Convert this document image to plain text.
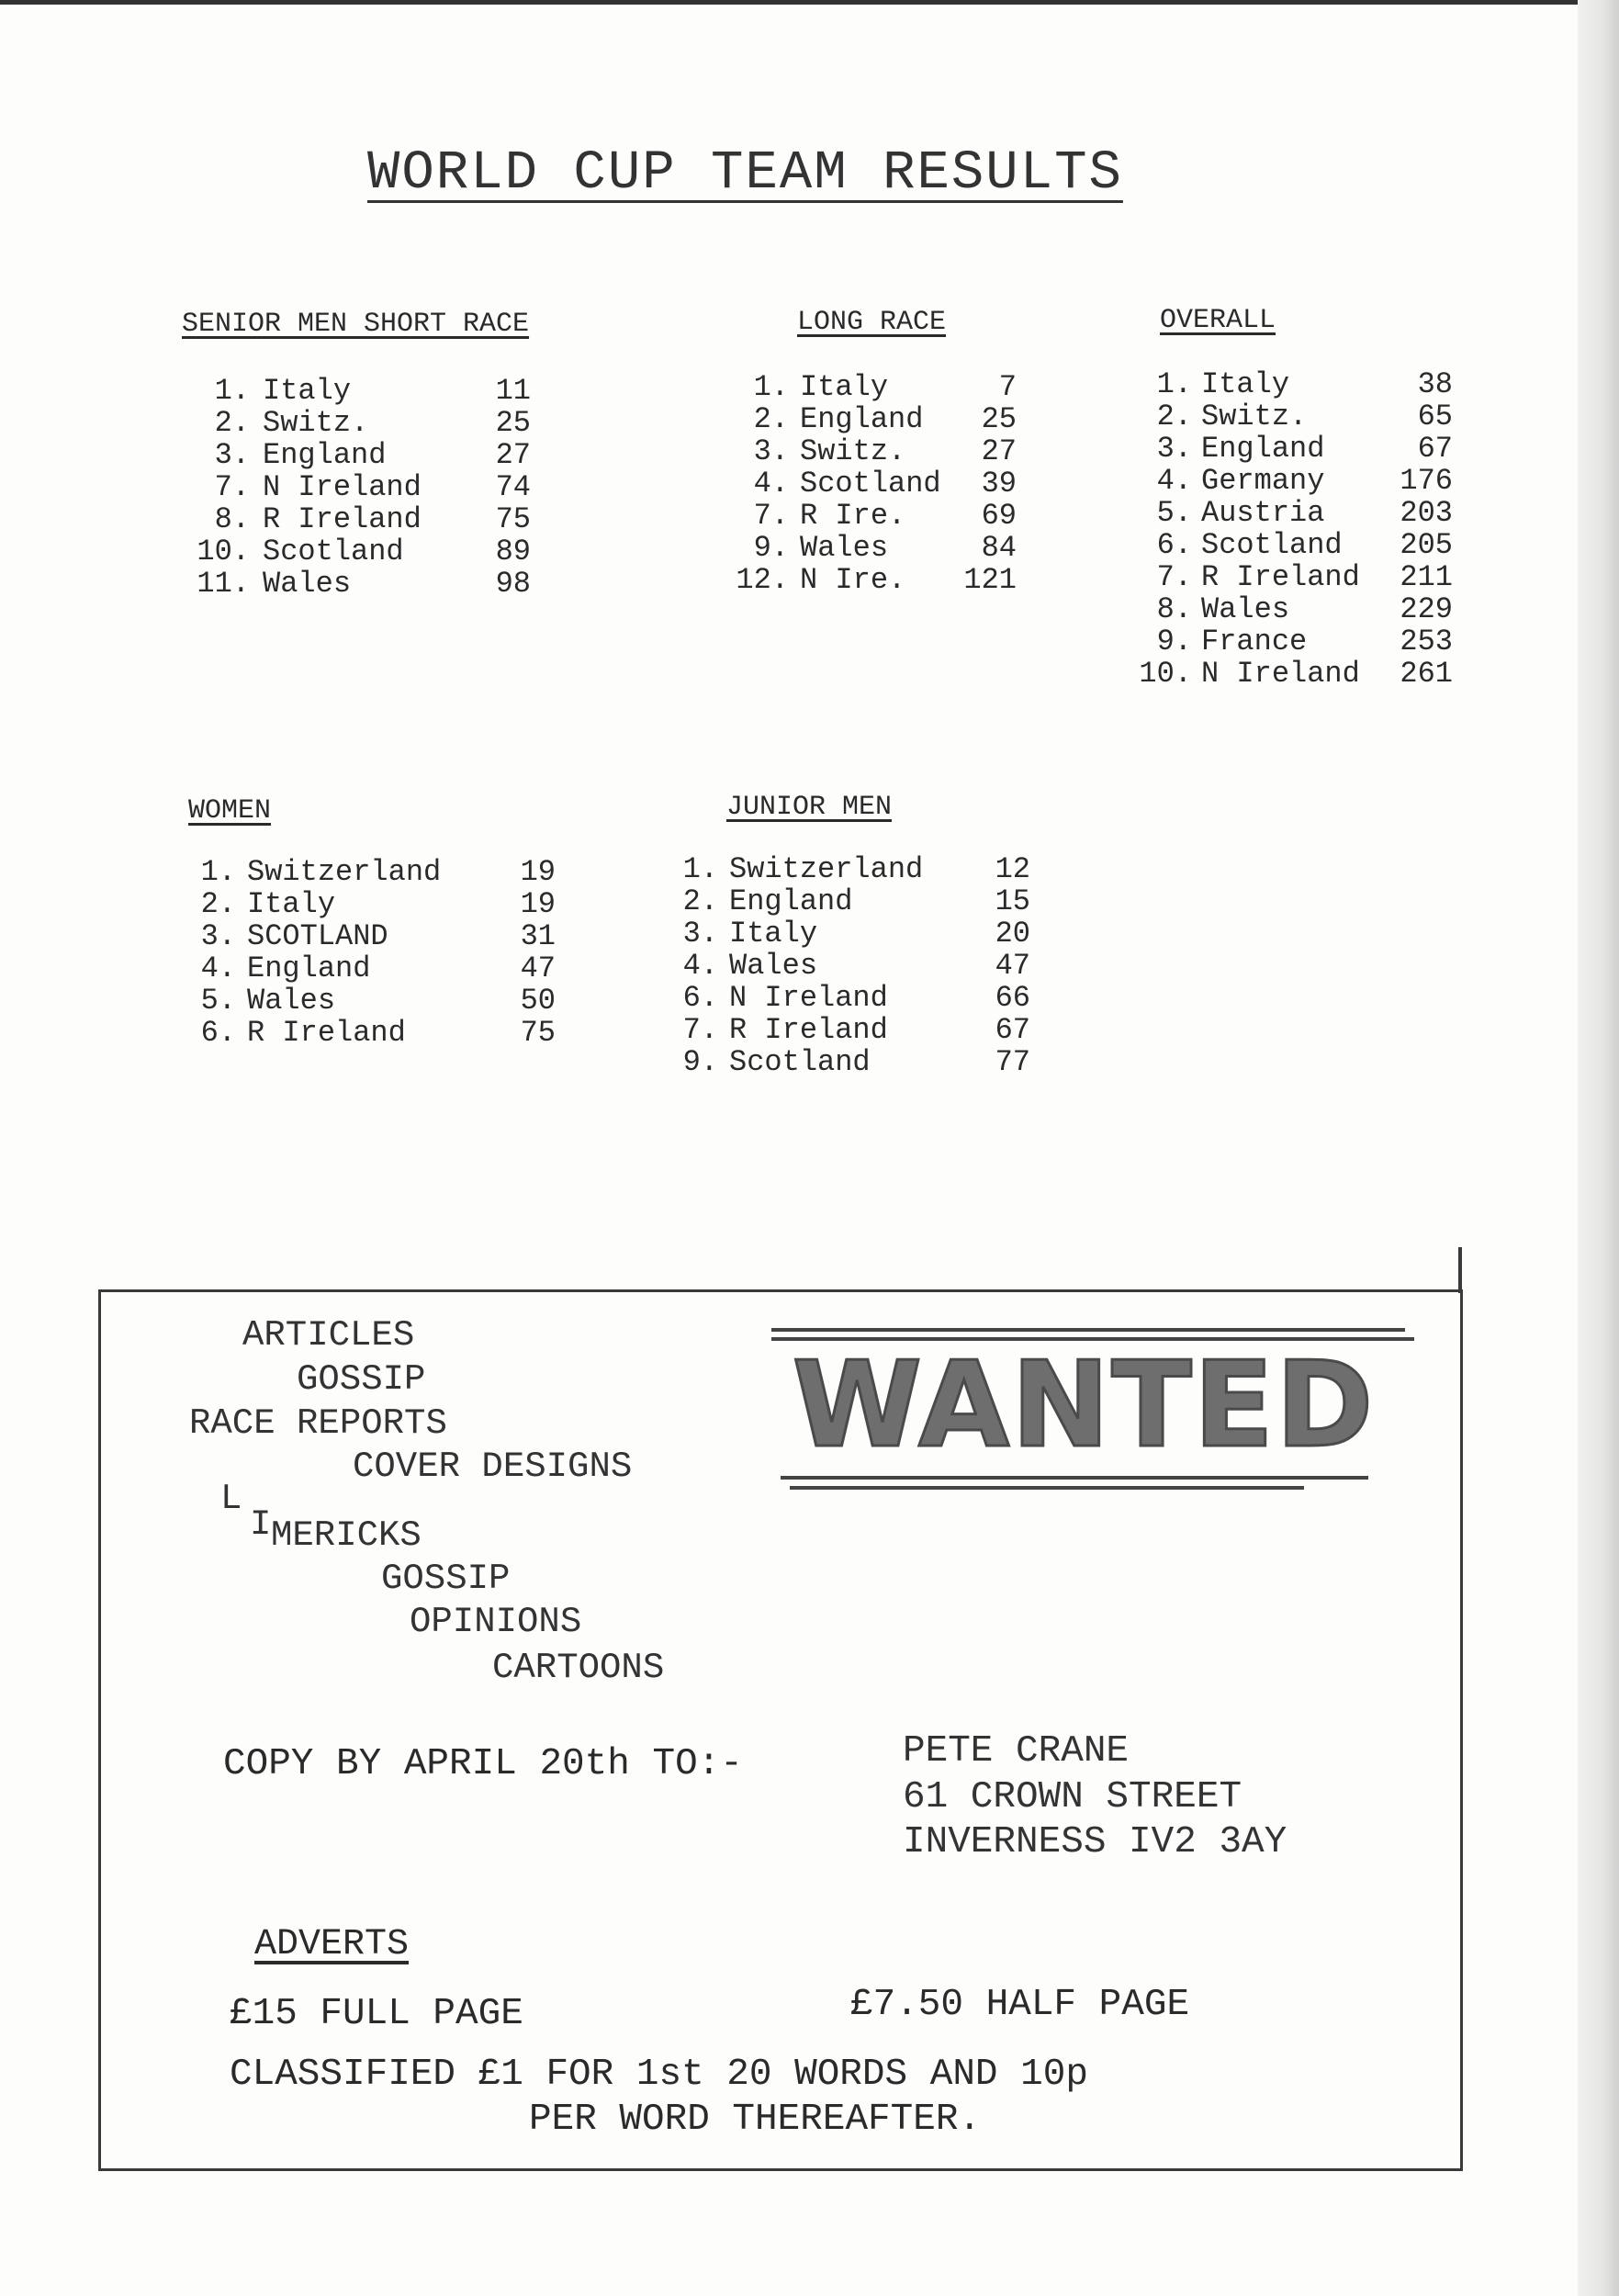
WORLD CUP TEAM RESULTS
SENIOR MEN SHORT RACE
1. Italy	11
2. Switz.	25
3. England	27
7. N Ireland	74
8. R Ireland	75
10. Scotland	89
11. Wales	98
LONG RACE
1. Italy	7
2. England	25
3. Switz.	27
4. Scotland	39
7. R Ire.	69
9. Wales	84
12. N Ire. 121
OVERALL
1. Italy	38
2. Switz.	65
3. England	67
4. Germany	176
5. Austria	203
6. Scotland	205
7. R Ireland	211
8. Wales	229
9. France	253
10. N Ireland	261
WOMEN
1. Switzerland	19
2. Italy	19
3. SCOTLAND	31
4. England	47
5. Wales	50
6. R Ireland	75
JUNIOR MEN
1. Switzerland	12
2. England	15
3. Italy	20
4. Wales	47
6. N Ireland	66
7. R Ireland	67
9. Scotland	77
ARTICLES
GOSSIP
RACE REPORTS
COVER DESIGNS
L
I MERICKS
GOSSIP
OPINIONS
CARTOONS
WANTED
COPY BY APRIL 20th TO:-	PETE CRANE
61 CROWN STREET
INVERNESS IV2 3AY
ADVERTS
£15 FULL PAGE	£7.50 HALF PAGE
CLASSIFIED £1 FOR 1st 20 WORDS AND 10p
PER WORD THEREAFTER.
